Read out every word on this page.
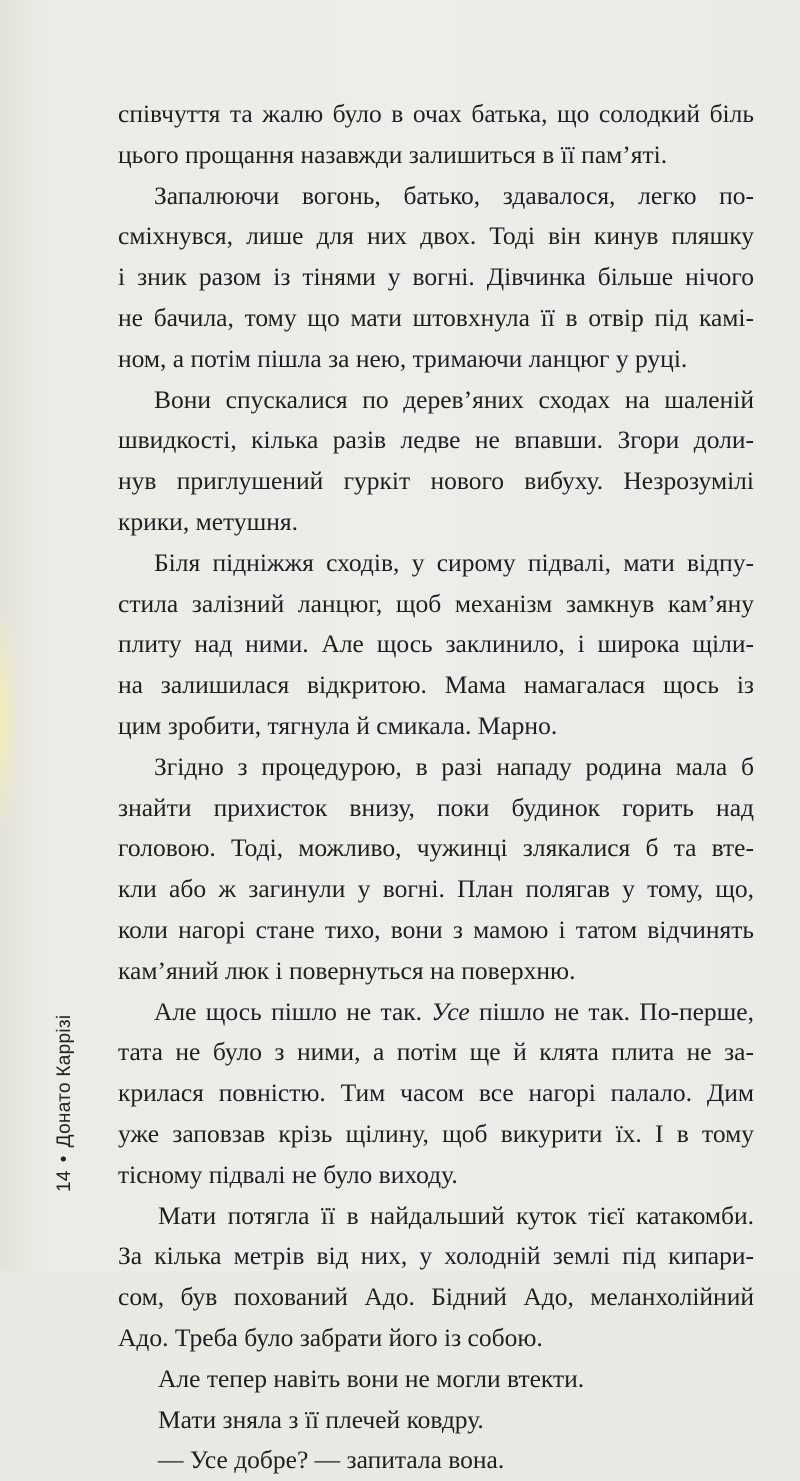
співчуття та жалю було в очах батька, що солодкий біль
цього прощання назавжди залишиться в її пам’яті.
Запалюючи вогонь, батько, здавалося, легко по-
сміхнувся, лише для них двох. Тоді він кинув пляшку
і зник разом із тінями у вогні. Дівчинка більше нічого
не бачила, тому що мати штовхнула її в отвір під камі-
ном, а потім пішла за нею, тримаючи ланцюг у руці.
Вони спускалися по дерев’яних сходах на шаленій
швидкості, кілька разів ледве не впавши. Згори доли-
нув приглушений гуркіт нового вибуху. Незрозумілі
крики, метушня.
Біля підніжжя сходів, у сирому підвалі, мати відпу-
стила залізний ланцюг, щоб механізм замкнув кам’яну
плиту над ними. Але щось заклинило, і широка щіли-
на залишилася відкритою. Мама намагалася щось із
цим зробити, тягнула й смикала. Марно.
Згідно з процедурою, в разі нападу родина мала б
знайти прихисток внизу, поки будинок горить над
головою. Тоді, можливо, чужинці злякалися б та вте-
кли або ж загинули у вогні. План полягав у тому, що,
коли нагорі стане тихо, вони з мамою і татом відчинять
кам’яний люк і повернуться на поверхню.
Але щось пішло не так. Усе пішло не так. По-перше,
тата не було з ними, а потім ще й клята плита не за-
крилася повністю. Тим часом все нагорі палало. Дим
уже заповзав крізь щілину, щоб викурити їх. І в тому
тісному підвалі не було виходу.
Мати потягла її в найдальший куток тієї катакомби.
За кілька метрів від них, у холодній землі під кипари-
сом, був похований Адо. Бідний Адо, меланхолійний
Адо. Треба було забрати його із собою.
Але тепер навіть вони не могли втекти.
Мати зняла з її плечей ковдру.
— Усе добре? — запитала вона.
14•Донато Каррізі
